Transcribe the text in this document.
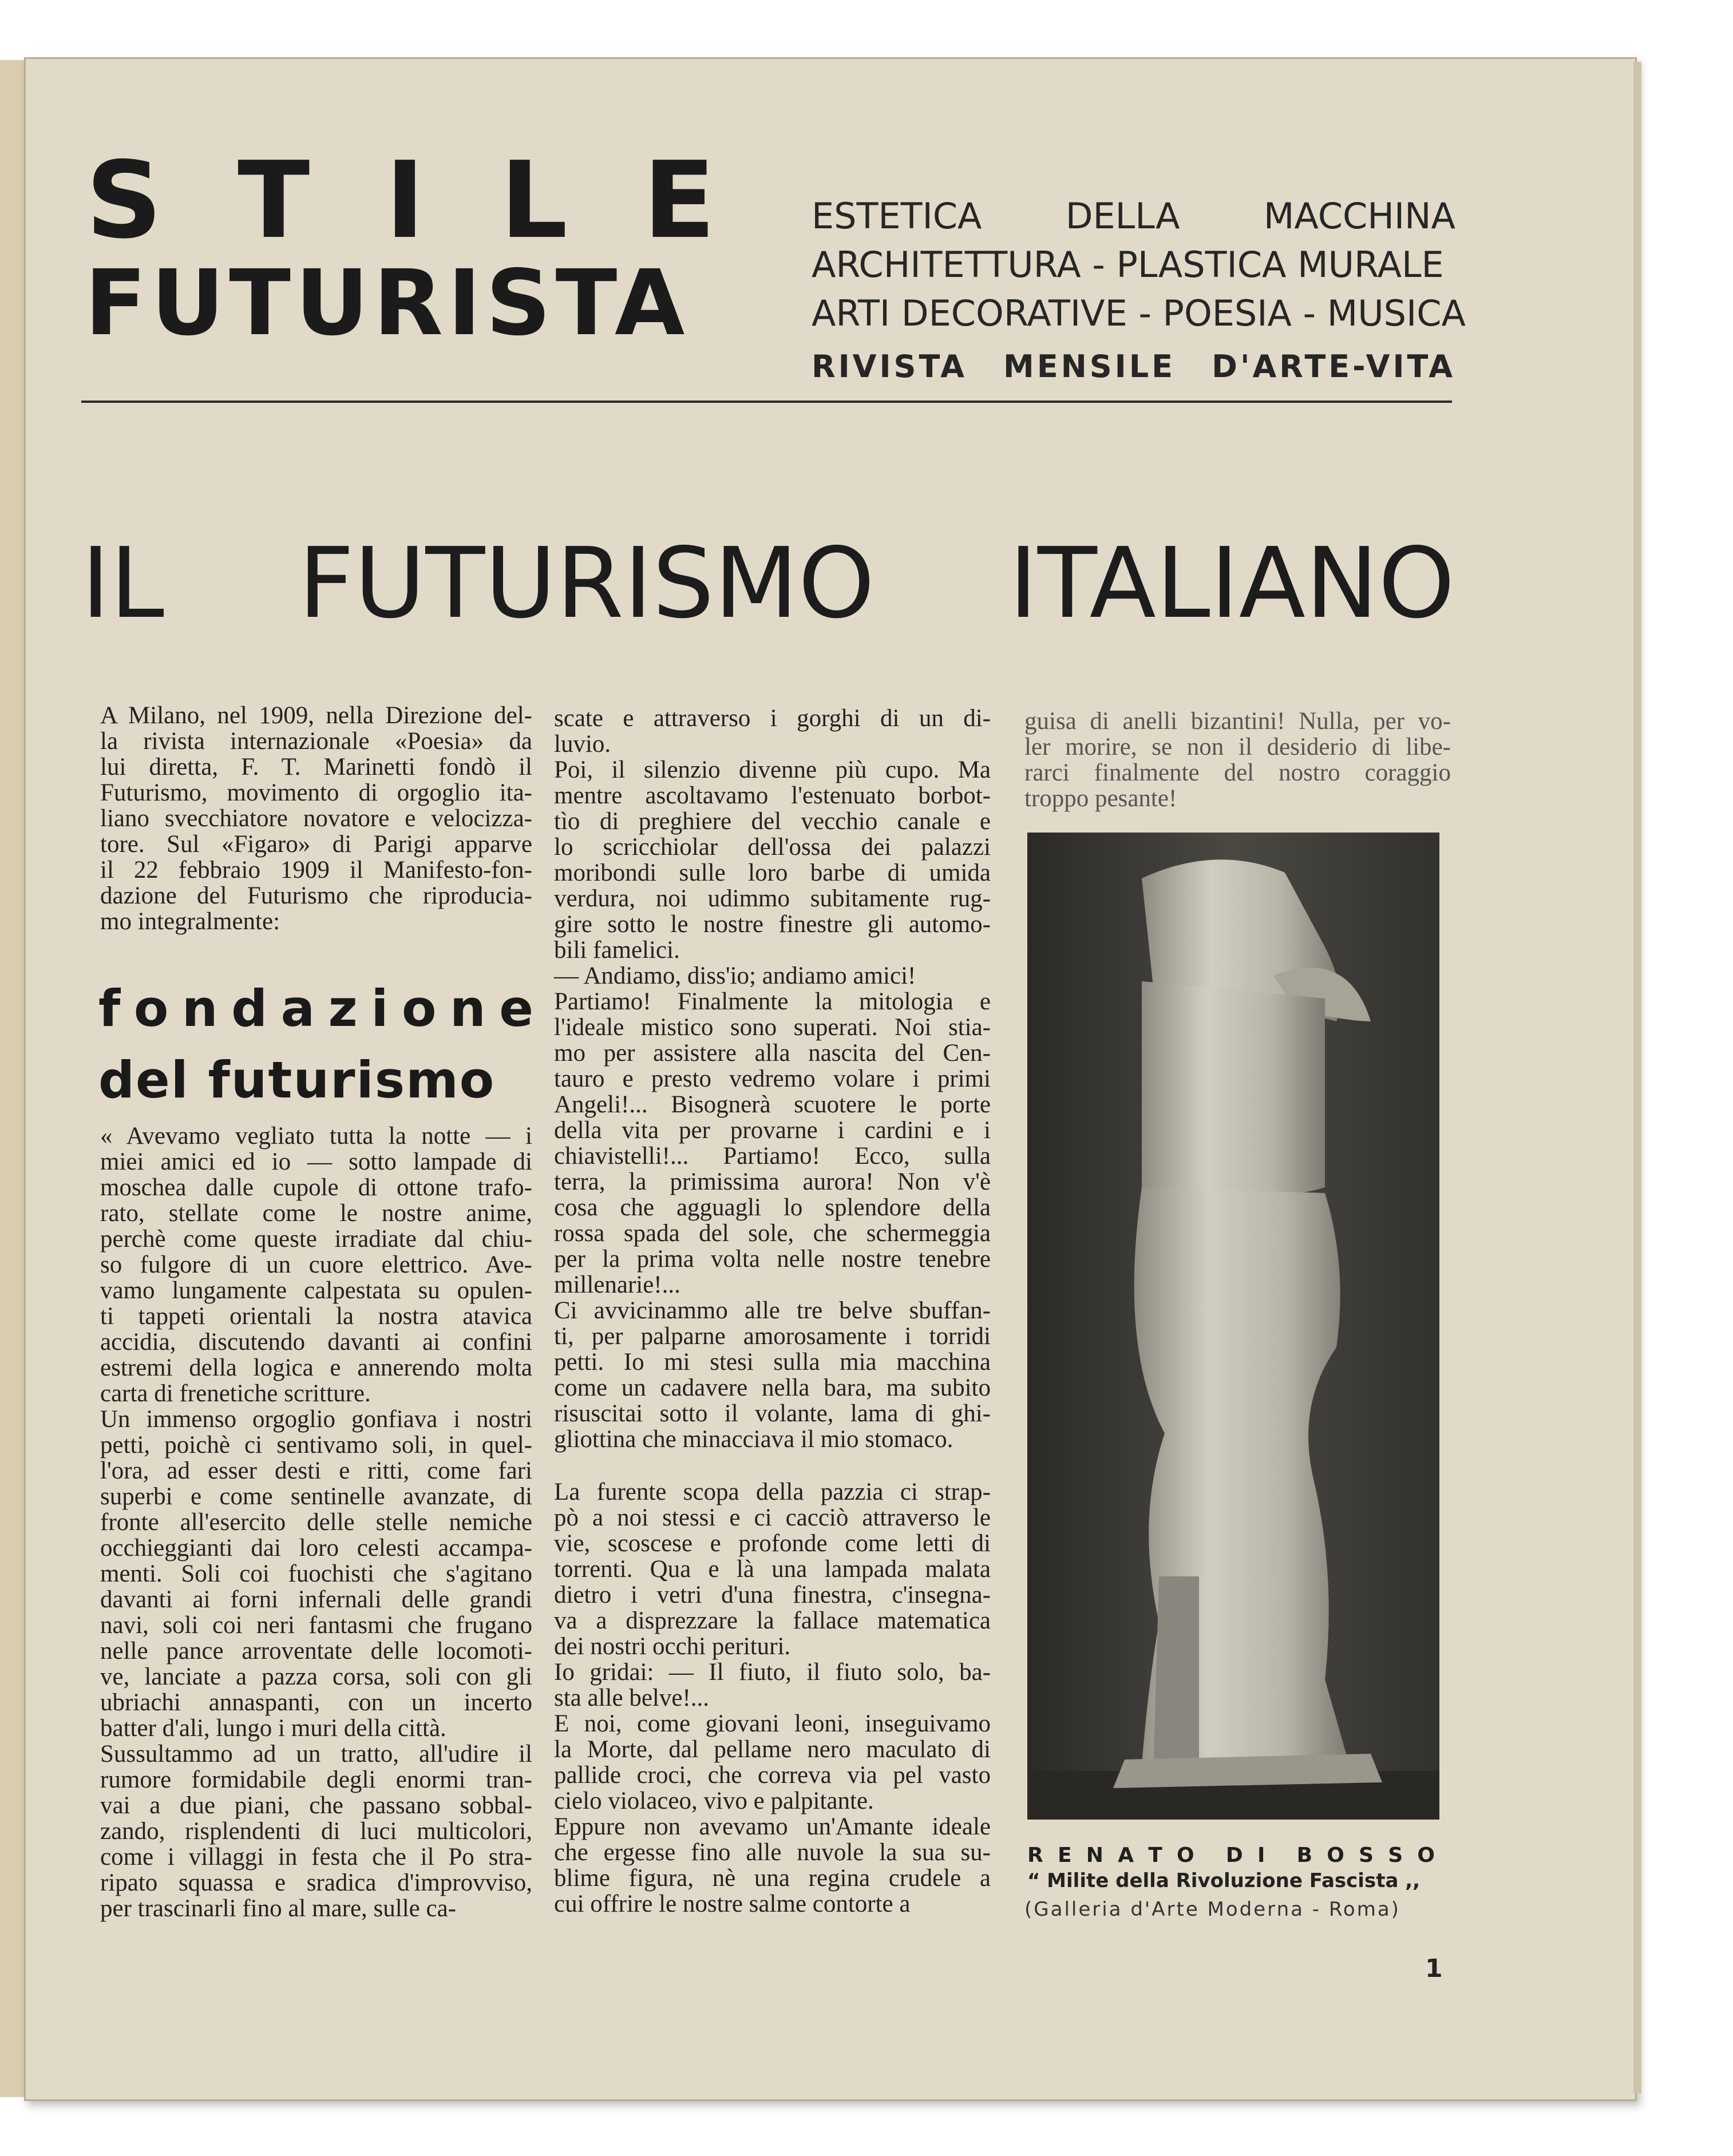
S T I L E
FUTURISTA
ESTETICA DELLA MACCHINA
ARCHITETTURA - PLASTICA MURALE
ARTI DECORATIVE - POESIA - MUSICA
RIVISTA MENSILE D'ARTE-VITA
IL FUTURISMO ITALIANO
A Milano, nel 1909, nella Direzione del-
la rivista internazionale «Poesia» da
lui diretta, F. T. Marinetti fondò il
Futurismo, movimento di orgoglio ita-
liano svecchiatore novatore e velocizza-
tore. Sul «Figaro» di Parigi apparve
il 22 febbraio 1909 il Manifesto-fon-
dazione del Futurismo che riproducia-
mo integralmente:
f o n d a z i o n e
del futurismo
« Avevamo vegliato tutta la notte — i
miei amici ed io — sotto lampade di
moschea dalle cupole di ottone trafo-
rato, stellate come le nostre anime,
perchè come queste irradiate dal chiu-
so fulgore di un cuore elettrico. Ave-
vamo lungamente calpestata su opulen-
ti tappeti orientali la nostra atavica
accidia, discutendo davanti ai confini
estremi della logica e annerendo molta
carta di frenetiche scritture.
Un immenso orgoglio gonfiava i nostri
petti, poichè ci sentivamo soli, in quel-
l'ora, ad esser desti e ritti, come fari
superbi e come sentinelle avanzate, di
fronte all'esercito delle stelle nemiche
occhieggianti dai loro celesti accampa-
menti. Soli coi fuochisti che s'agitano
davanti ai forni infernali delle grandi
navi, soli coi neri fantasmi che frugano
nelle pance arroventate delle locomoti-
ve, lanciate a pazza corsa, soli con gli
ubriachi annaspanti, con un incerto
batter d'ali, lungo i muri della città.
Sussultammo ad un tratto, all'udire il
rumore formidabile degli enormi tran-
vai a due piani, che passano sobbal-
zando, risplendenti di luci multicolori,
come i villaggi in festa che il Po stra-
ripato squassa e sradica d'improvviso,
per trascinarli fino al mare, sulle ca-
scate e attraverso i gorghi di un di-
luvio.
Poi, il silenzio divenne più cupo. Ma
mentre ascoltavamo l'estenuato borbot-
tìo di preghiere del vecchio canale e
lo scricchiolar dell'ossa dei palazzi
moribondi sulle loro barbe di umida
verdura, noi udimmo subitamente rug-
gire sotto le nostre finestre gli automo-
bili famelici.
— Andiamo, diss'io; andiamo amici!
Partiamo! Finalmente la mitologia e
l'ideale mistico sono superati. Noi stia-
mo per assistere alla nascita del Cen-
tauro e presto vedremo volare i primi
Angeli!... Bisognerà scuotere le porte
della vita per provarne i cardini e i
chiavistelli!... Partiamo! Ecco, sulla
terra, la primissima aurora! Non v'è
cosa che agguagli lo splendore della
rossa spada del sole, che schermeggia
per la prima volta nelle nostre tenebre
millenarie!...
Ci avvicinammo alle tre belve sbuffan-
ti, per palparne amorosamente i torridi
petti. Io mi stesi sulla mia macchina
come un cadavere nella bara, ma subito
risuscitai sotto il volante, lama di ghi-
gliottina che minacciava il mio stomaco.
La furente scopa della pazzia ci strap-
pò a noi stessi e ci cacciò attraverso le
vie, scoscese e profonde come letti di
torrenti. Qua e là una lampada malata
dietro i vetri d'una finestra, c'insegna-
va a disprezzare la fallace matematica
dei nostri occhi perituri.
Io gridai: — Il fiuto, il fiuto solo, ba-
sta alle belve!...
E noi, come giovani leoni, inseguivamo
la Morte, dal pellame nero maculato di
pallide croci, che correva via pel vasto
cielo violaceo, vivo e palpitante.
Eppure non avevamo un'Amante ideale
che ergesse fino alle nuvole la sua su-
blime figura, nè una regina crudele a
cui offrire le nostre salme contorte a
guisa di anelli bizantini! Nulla, per vo-
ler morire, se non il desiderio di libe-
rarci finalmente del nostro coraggio
troppo pesante!
R E N A T O D I B O S S O
“ Milite della Rivoluzione Fascista ,,
(Galleria d'Arte Moderna - Roma)
1
